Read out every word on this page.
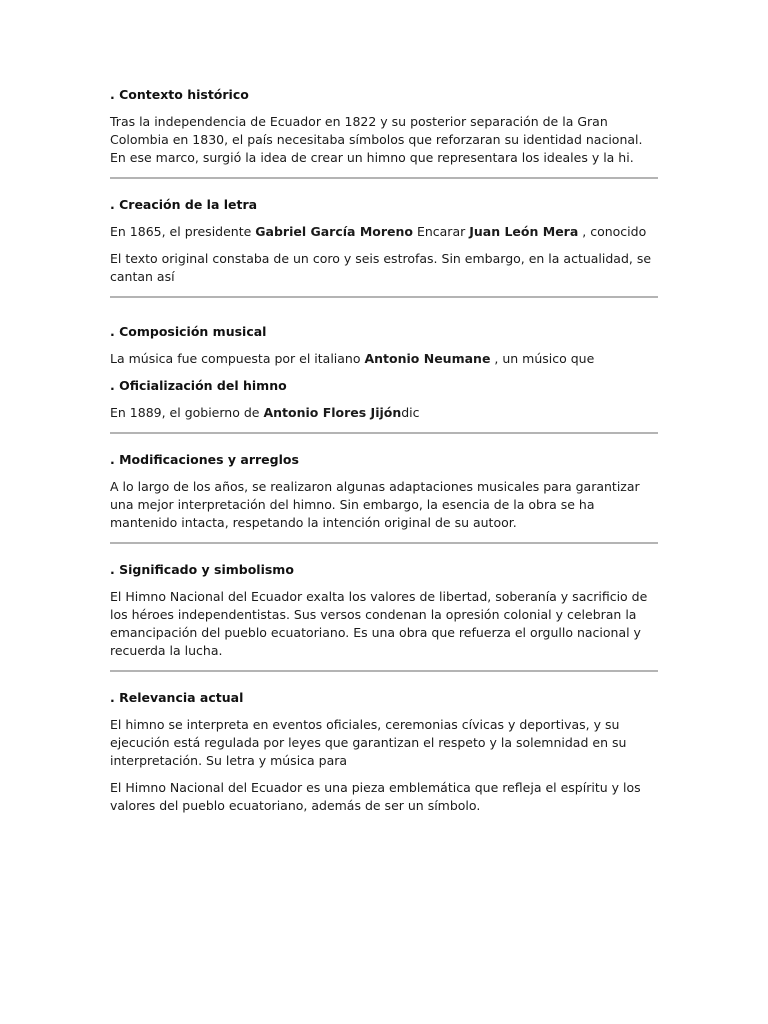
. Contexto histórico

Tras la independencia de Ecuador en 1822 y su posterior separación de la Gran Colombia en 1830, el país necesitaba símbolos que reforzaran su identidad nacional. En ese marco, surgió la idea de crear un himno que representara los ideales y la hi.

. Creación de la letra

En 1865, el presidente Gabriel García Moreno Encarar Juan León Mera , conocido

El texto original constaba de un coro y seis estrofas. Sin embargo, en la actualidad, se cantan así

. Composición musical

La música fue compuesta por el italiano Antonio Neumane , un músico que

. Oficialización del himno

En 1889, el gobierno de Antonio Flores Jijóndic

. Modificaciones y arreglos

A lo largo de los años, se realizaron algunas adaptaciones musicales para garantizar una mejor interpretación del himno. Sin embargo, la esencia de la obra se ha mantenido intacta, respetando la intención original de su autoor.

. Significado y simbolismo

El Himno Nacional del Ecuador exalta los valores de libertad, soberanía y sacrificio de los héroes independentistas. Sus versos condenan la opresión colonial y celebran la emancipación del pueblo ecuatoriano. Es una obra que refuerza el orgullo nacional y recuerda la lucha.

. Relevancia actual

El himno se interpreta en eventos oficiales, ceremonias cívicas y deportivas, y su ejecución está regulada por leyes que garantizan el respeto y la solemnidad en su interpretación. Su letra y música para

El Himno Nacional del Ecuador es una pieza emblemática que refleja el espíritu y los valores del pueblo ecuatoriano, además de ser un símbolo.
